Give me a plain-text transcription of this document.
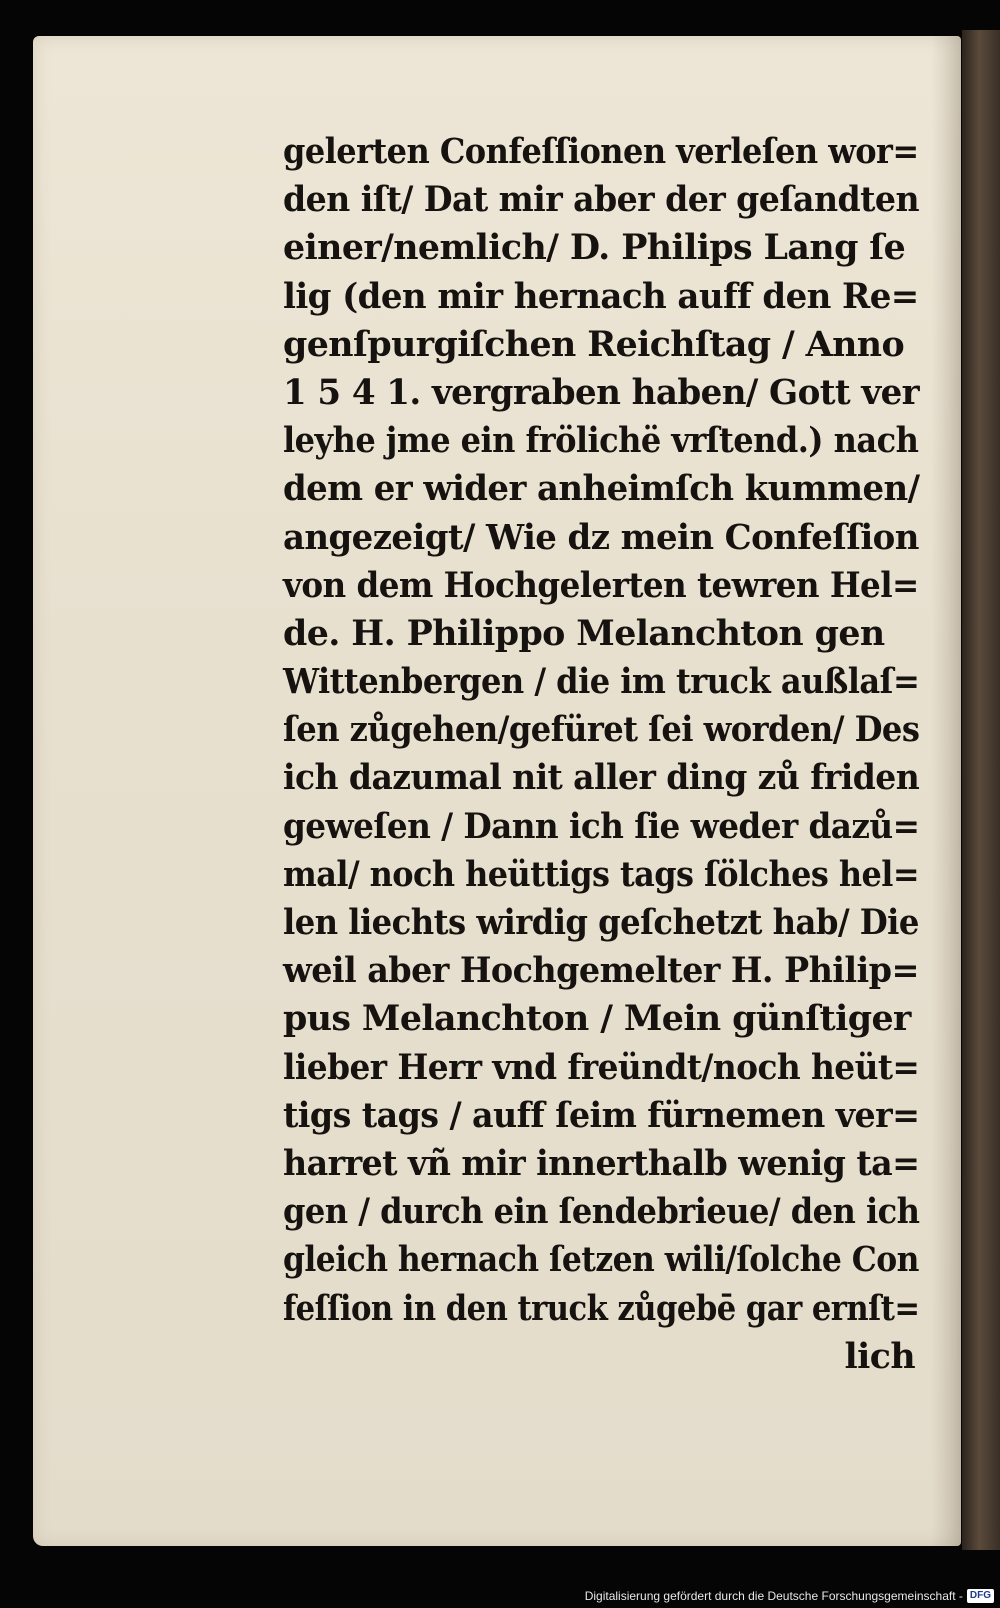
gelerten Confeſſionen verleſen wor=
den iſt/ Dat mir aber der geſandten
einer/nemlich/ D. Philips Lang ſe
lig (den mir hernach auff den Re=
genſpurgiſchen Reichſtag / Anno
1 5 4 1. vergraben haben/ Gott ver
leyhe jme ein frölichë vrſtend.) nach
dem er wider anheimſch kummen/
angezeigt/ Wie dz mein Confeſſion
von dem Hochgelerten tewren Hel=
de. H. Philippo Melanchton gen
Wittenbergen / die im truck außlaſ=
ſen zůgehen/gefüret ſei worden/ Des
ich dazumal nit aller ding zů friden
geweſen / Dann ich ſie weder dazů=
mal/ noch heüttigs tags ſölches hel=
len liechts wirdig geſchetzt hab/ Die
weil aber Hochgemelter H. Philip=
pus Melanchton / Mein günſtiger
lieber Herr vnd freündt/noch heüt=
tigs tags / auff ſeim fürnemen ver=
harret vñ mir innerthalb wenig ta=
gen / durch ein ſendebrieue/ den ich
gleich hernach ſetzen wili/ſolche Con
feſſion in den truck zůgebē gar ernſt=
lich
Digitalisierung gefördert durch die Deutsche Forschungsgemeinschaft - DFG
